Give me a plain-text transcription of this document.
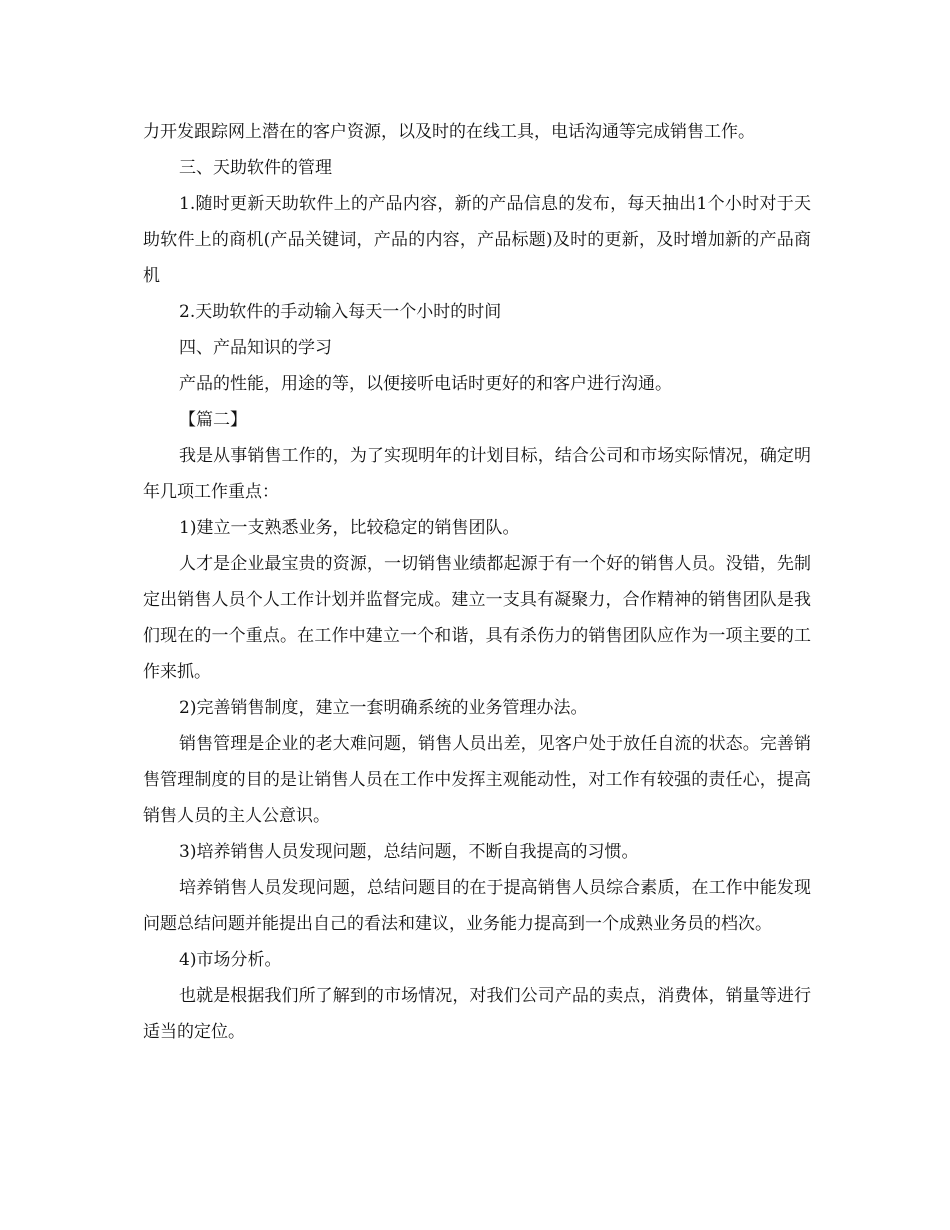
力开发跟踪网上潜在的客户资源，以及时的在线工具，电话沟通等完成销售工作。

三、天助软件的管理

1.随时更新天助软件上的产品内容，新的产品信息的发布，每天抽出1个小时对于天助软件上的商机(产品关键词，产品的内容，产品标题)及时的更新，及时增加新的产品商机

2.天助软件的手动输入每天一个小时的时间

四、产品知识的学习

产品的性能，用途的等，以便接听电话时更好的和客户进行沟通。

【篇二】

我是从事销售工作的，为了实现明年的计划目标，结合公司和市场实际情况，确定明年几项工作重点：

1)建立一支熟悉业务，比较稳定的销售团队。

人才是企业最宝贵的资源，一切销售业绩都起源于有一个好的销售人员。没错，先制定出销售人员个人工作计划并监督完成。建立一支具有凝聚力，合作精神的销售团队是我们现在的一个重点。在工作中建立一个和谐，具有杀伤力的销售团队应作为一项主要的工作来抓。

2)完善销售制度，建立一套明确系统的业务管理办法。

销售管理是企业的老大难问题，销售人员出差，见客户处于放任自流的状态。完善销售管理制度的目的是让销售人员在工作中发挥主观能动性，对工作有较强的责任心，提高销售人员的主人公意识。

3)培养销售人员发现问题，总结问题，不断自我提高的习惯。

培养销售人员发现问题，总结问题目的在于提高销售人员综合素质，在工作中能发现问题总结问题并能提出自己的看法和建议，业务能力提高到一个成熟业务员的档次。

4)市场分析。

也就是根据我们所了解到的市场情况，对我们公司产品的卖点，消费体，销量等进行适当的定位。
